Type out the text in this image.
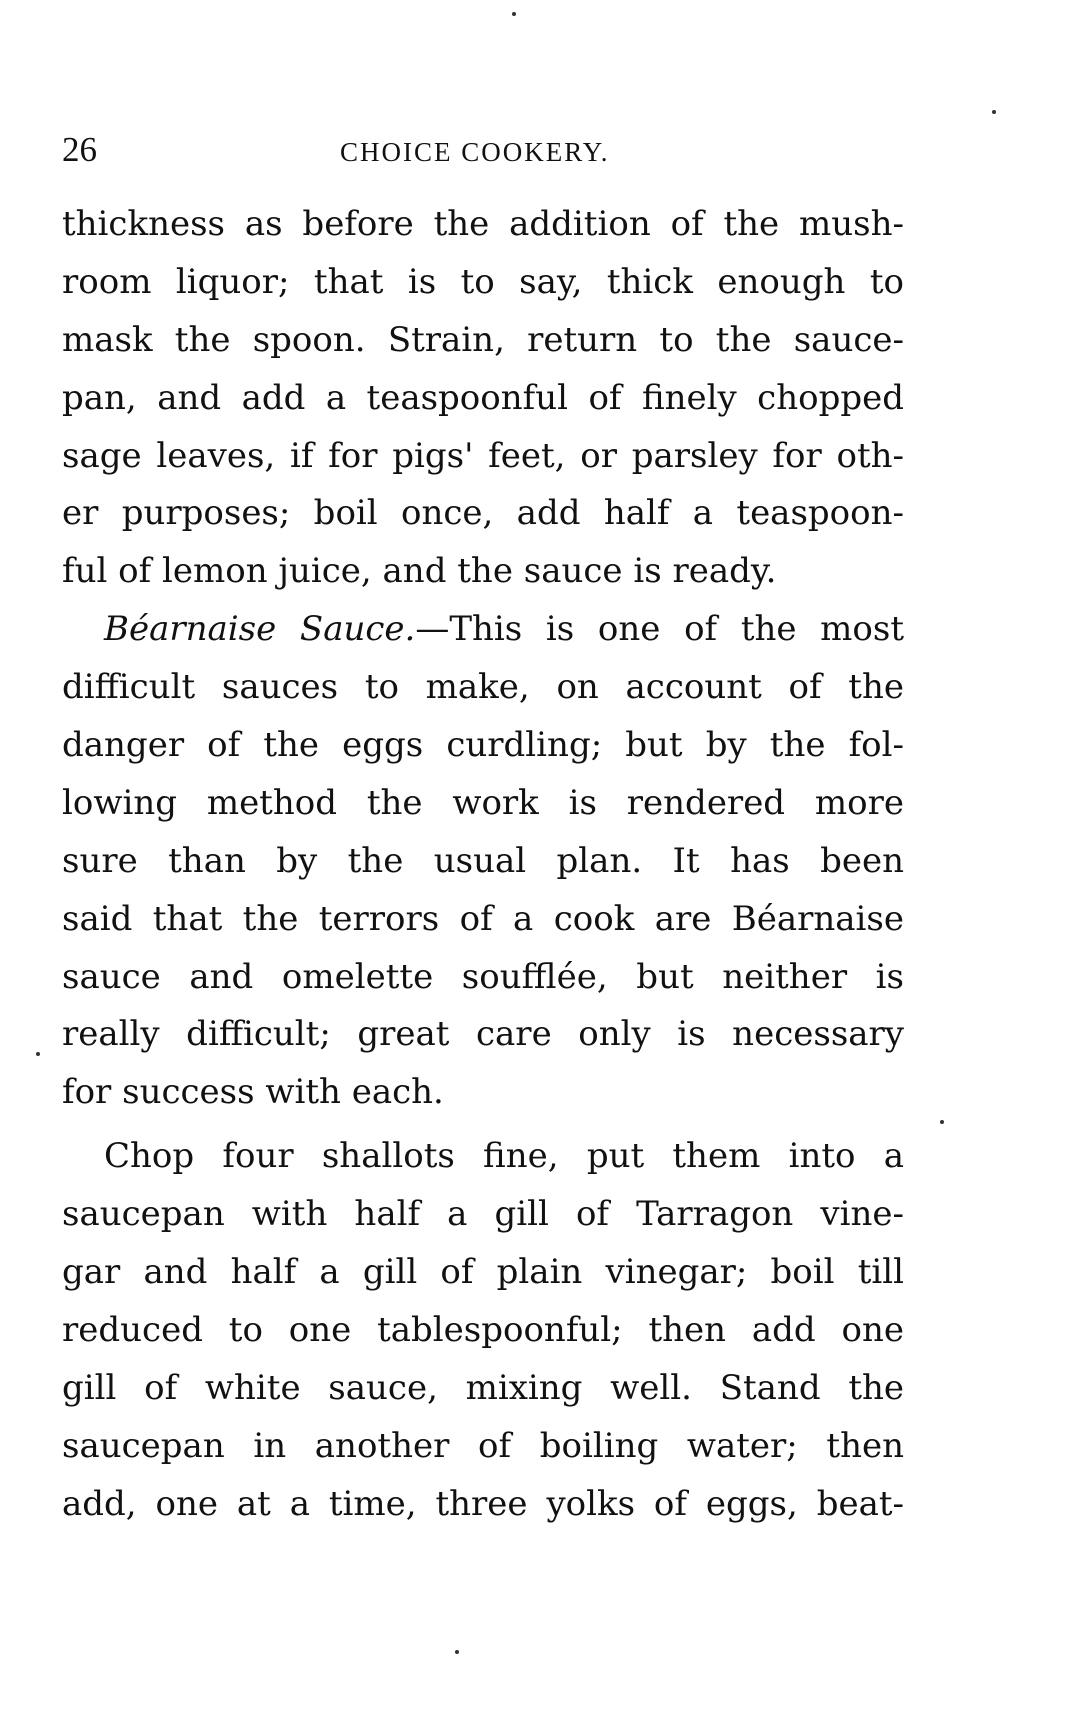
26	CHOICE COOKERY.
thickness as before the addition of the mush-
room liquor; that is to say, thick enough to
mask the spoon. Strain, return to the sauce-
pan, and add a teaspoonful of finely chopped
sage leaves, if for pigs' feet, or parsley for oth-
er purposes; boil once, add half a teaspoon-
ful of lemon juice, and the sauce is ready.
Béarnaise Sauce.—This is one of the most
difficult sauces to make, on account of the
danger of the eggs curdling; but by the fol-
lowing method the work is rendered more
sure than by the usual plan. It has been
said that the terrors of a cook are Béarnaise
sauce and omelette soufflée, but neither is
really difficult; great care only is necessary
for success with each.
Chop four shallots fine, put them into a
saucepan with half a gill of Tarragon vine-
gar and half a gill of plain vinegar; boil till
reduced to one tablespoonful; then add one
gill of white sauce, mixing well. Stand the
saucepan in another of boiling water; then
add, one at a time, three yolks of eggs, beat-
